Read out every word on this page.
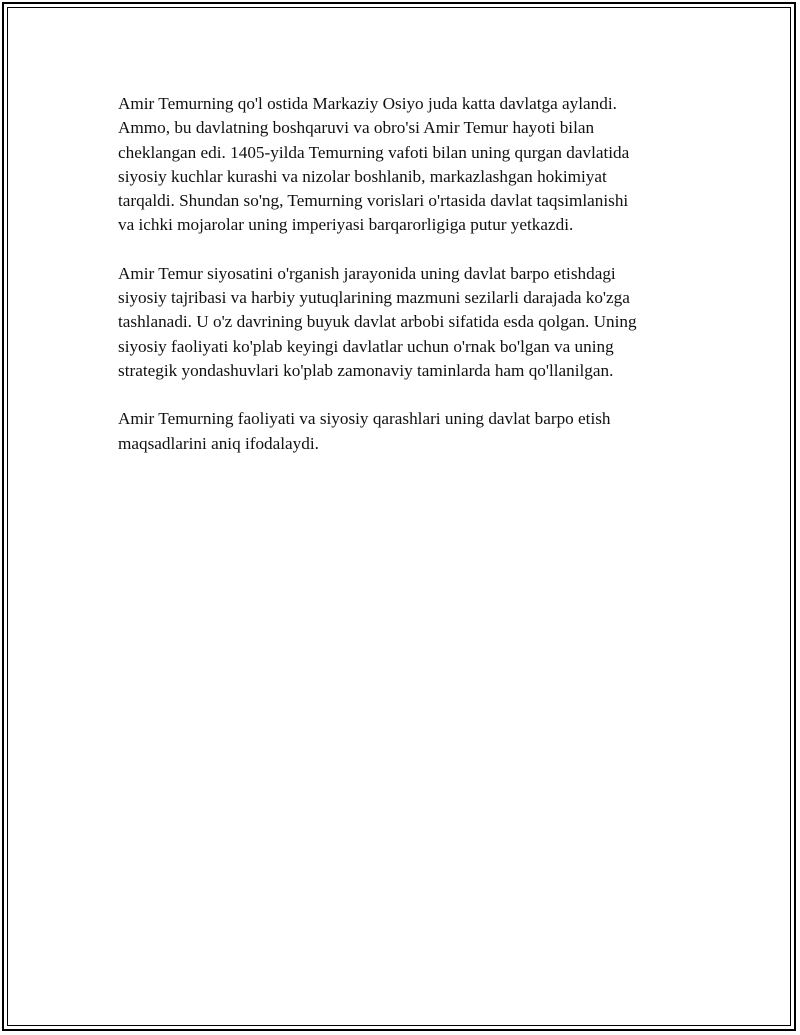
Amir Temurning qo'l ostida Markaziy Osiyo juda katta davlatga aylandi.
Ammo, bu davlatning boshqaruvi va obro'si Amir Temur hayoti bilan
cheklangan edi. 1405-yilda Temurning vafoti bilan uning qurgan davlatida
siyosiy kuchlar kurashi va nizolar boshlanib, markazlashgan hokimiyat
tarqaldi. Shundan so'ng, Temurning vorislari o'rtasida davlat taqsimlanishi
va ichki mojarolar uning imperiyasi barqarorligiga putur yetkazdi.

Amir Temur siyosatini o'rganish jarayonida uning davlat barpo etishdagi
siyosiy tajribasi va harbiy yutuqlarining mazmuni sezilarli darajada ko'zga
tashlanadi. U o'z davrining buyuk davlat arbobi sifatida esda qolgan. Uning
siyosiy faoliyati ko'plab keyingi davlatlar uchun o'rnak bo'lgan va uning
strategik yondashuvlari ko'plab zamonaviy taminlarda ham qo'llanilgan.

Amir Temurning faoliyati va siyosiy qarashlari uning davlat barpo etish
maqsadlarini aniq ifodalaydi.
